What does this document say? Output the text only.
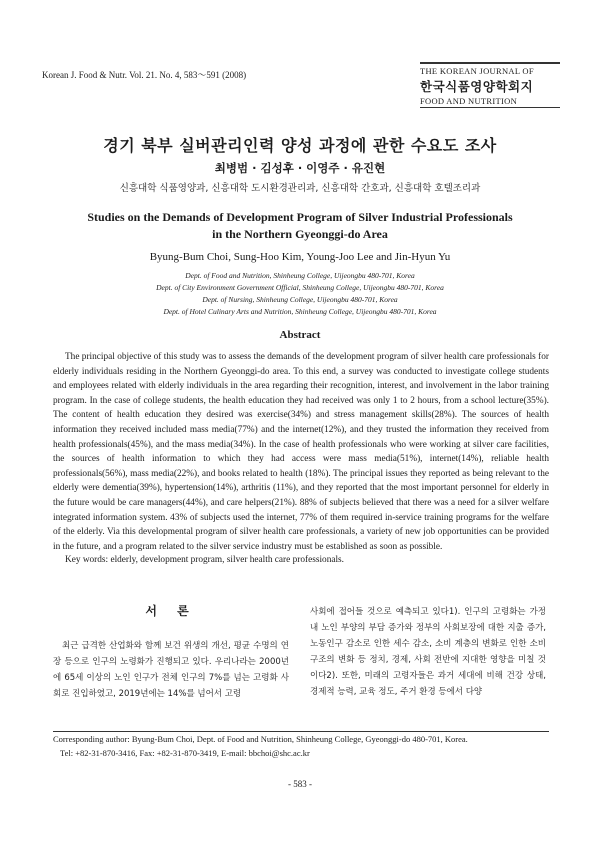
Korean J. Food & Nutr. Vol. 21. No. 4, 583～591 (2008)	THE KOREAN JOURNAL OF
한국식품영양학회지
FOOD AND NUTRITION
경기 북부 실버관리인력 양성 과정에 관한 수요도 조사
최병범 · 김성후 · 이영주 · 유진현
신흥대학 식품영양과, 신흥대학 도시환경관리과, 신흥대학 간호과, 신흥대학 호텔조리과
Studies on the Demands of Development Program of Silver Industrial Professionals
in the Northern Gyeonggi-do Area
Byung-Bum Choi, Sung-Hoo Kim, Young-Joo Lee and Jin-Hyun Yu
Dept. of Food and Nutrition, Shinheung College, Uijeongbu 480-701, Korea
Dept. of City Environment Government Official, Shinheung College, Uijeongbu 480-701, Korea
Dept. of Nursing, Shinheung College, Uijeongbu 480-701, Korea
Dept. of Hotel Culinary Arts and Nutrition, Shinheung College, Uijeongbu 480-701, Korea
Abstract
The principal objective of this study was to assess the demands of the development program of silver health care professionals for elderly individuals residing in the Northern Gyeonggi-do area. To this end, a survey was conducted to investigate college students and employees related with elderly individuals in the area regarding their recognition, interest, and involvement in the labor training program. In the case of college students, the health education they had received was only 1 to 2 hours, from a school lecture(35%). The content of health education they desired was exercise(34%) and stress management skills(28%). The sources of health information they received included mass media(77%) and the internet(12%), and they trusted the information they received from health professionals(45%), and the mass media(34%). In the case of health professionals who were working at silver care facilities, the sources of health information to which they had access were mass media(51%), internet(14%), reliable health professionals(56%), mass media(22%), and books related to health (18%). The principal issues they reported as being relevant to the elderly were dementia(39%), hypertension(14%), arthritis (11%), and they reported that the most important personnel for elderly in the future would be care managers(44%), and care helpers(21%). 88% of subjects believed that there was a need for a silver welfare integrated information system. 43% of subjects used the internet, 77% of them required in-service training programs for the welfare of the elderly. Via this developmental program of silver health care professionals, a variety of new job opportunities can be provided in the future, and a program related to the silver service industry must be established as soon as possible.
Key words: elderly, development program, silver health care professionals.
서 론
최근 급격한 산업화와 함께 보건 위생의 개선, 평균 수명의 연장 등으로 인구의 노령화가 진행되고 있다. 우리나라는 2000년에 65세 이상의 노인 인구가 전체 인구의 7%를 넘는 고령화 사회로 진입하였고, 2019년에는 14%를 넘어서 고령
사회에 접어들 것으로 예측되고 있다1). 인구의 고령화는 가정 내 노인 부양의 부담 증가와 정부의 사회보장에 대한 지출 증가, 노동인구 감소로 인한 세수 감소, 소비 계층의 변화로 인한 소비 구조의 변화 등 정치, 경제, 사회 전반에 지대한 영향을 미칠 것이다2). 또한, 미래의 고령자들은 과거 세대에 비해 건강 상태, 경제적 능력, 교육 정도, 주거 환경 등에서 다양
Corresponding author: Byung-Bum Choi, Dept. of Food and Nutrition, Shinheung College, Gyeonggi-do 480-701, Korea.
Tel: +82-31-870-3416, Fax: +82-31-870-3419, E-mail: bbchoi@shc.ac.kr
- 583 -
